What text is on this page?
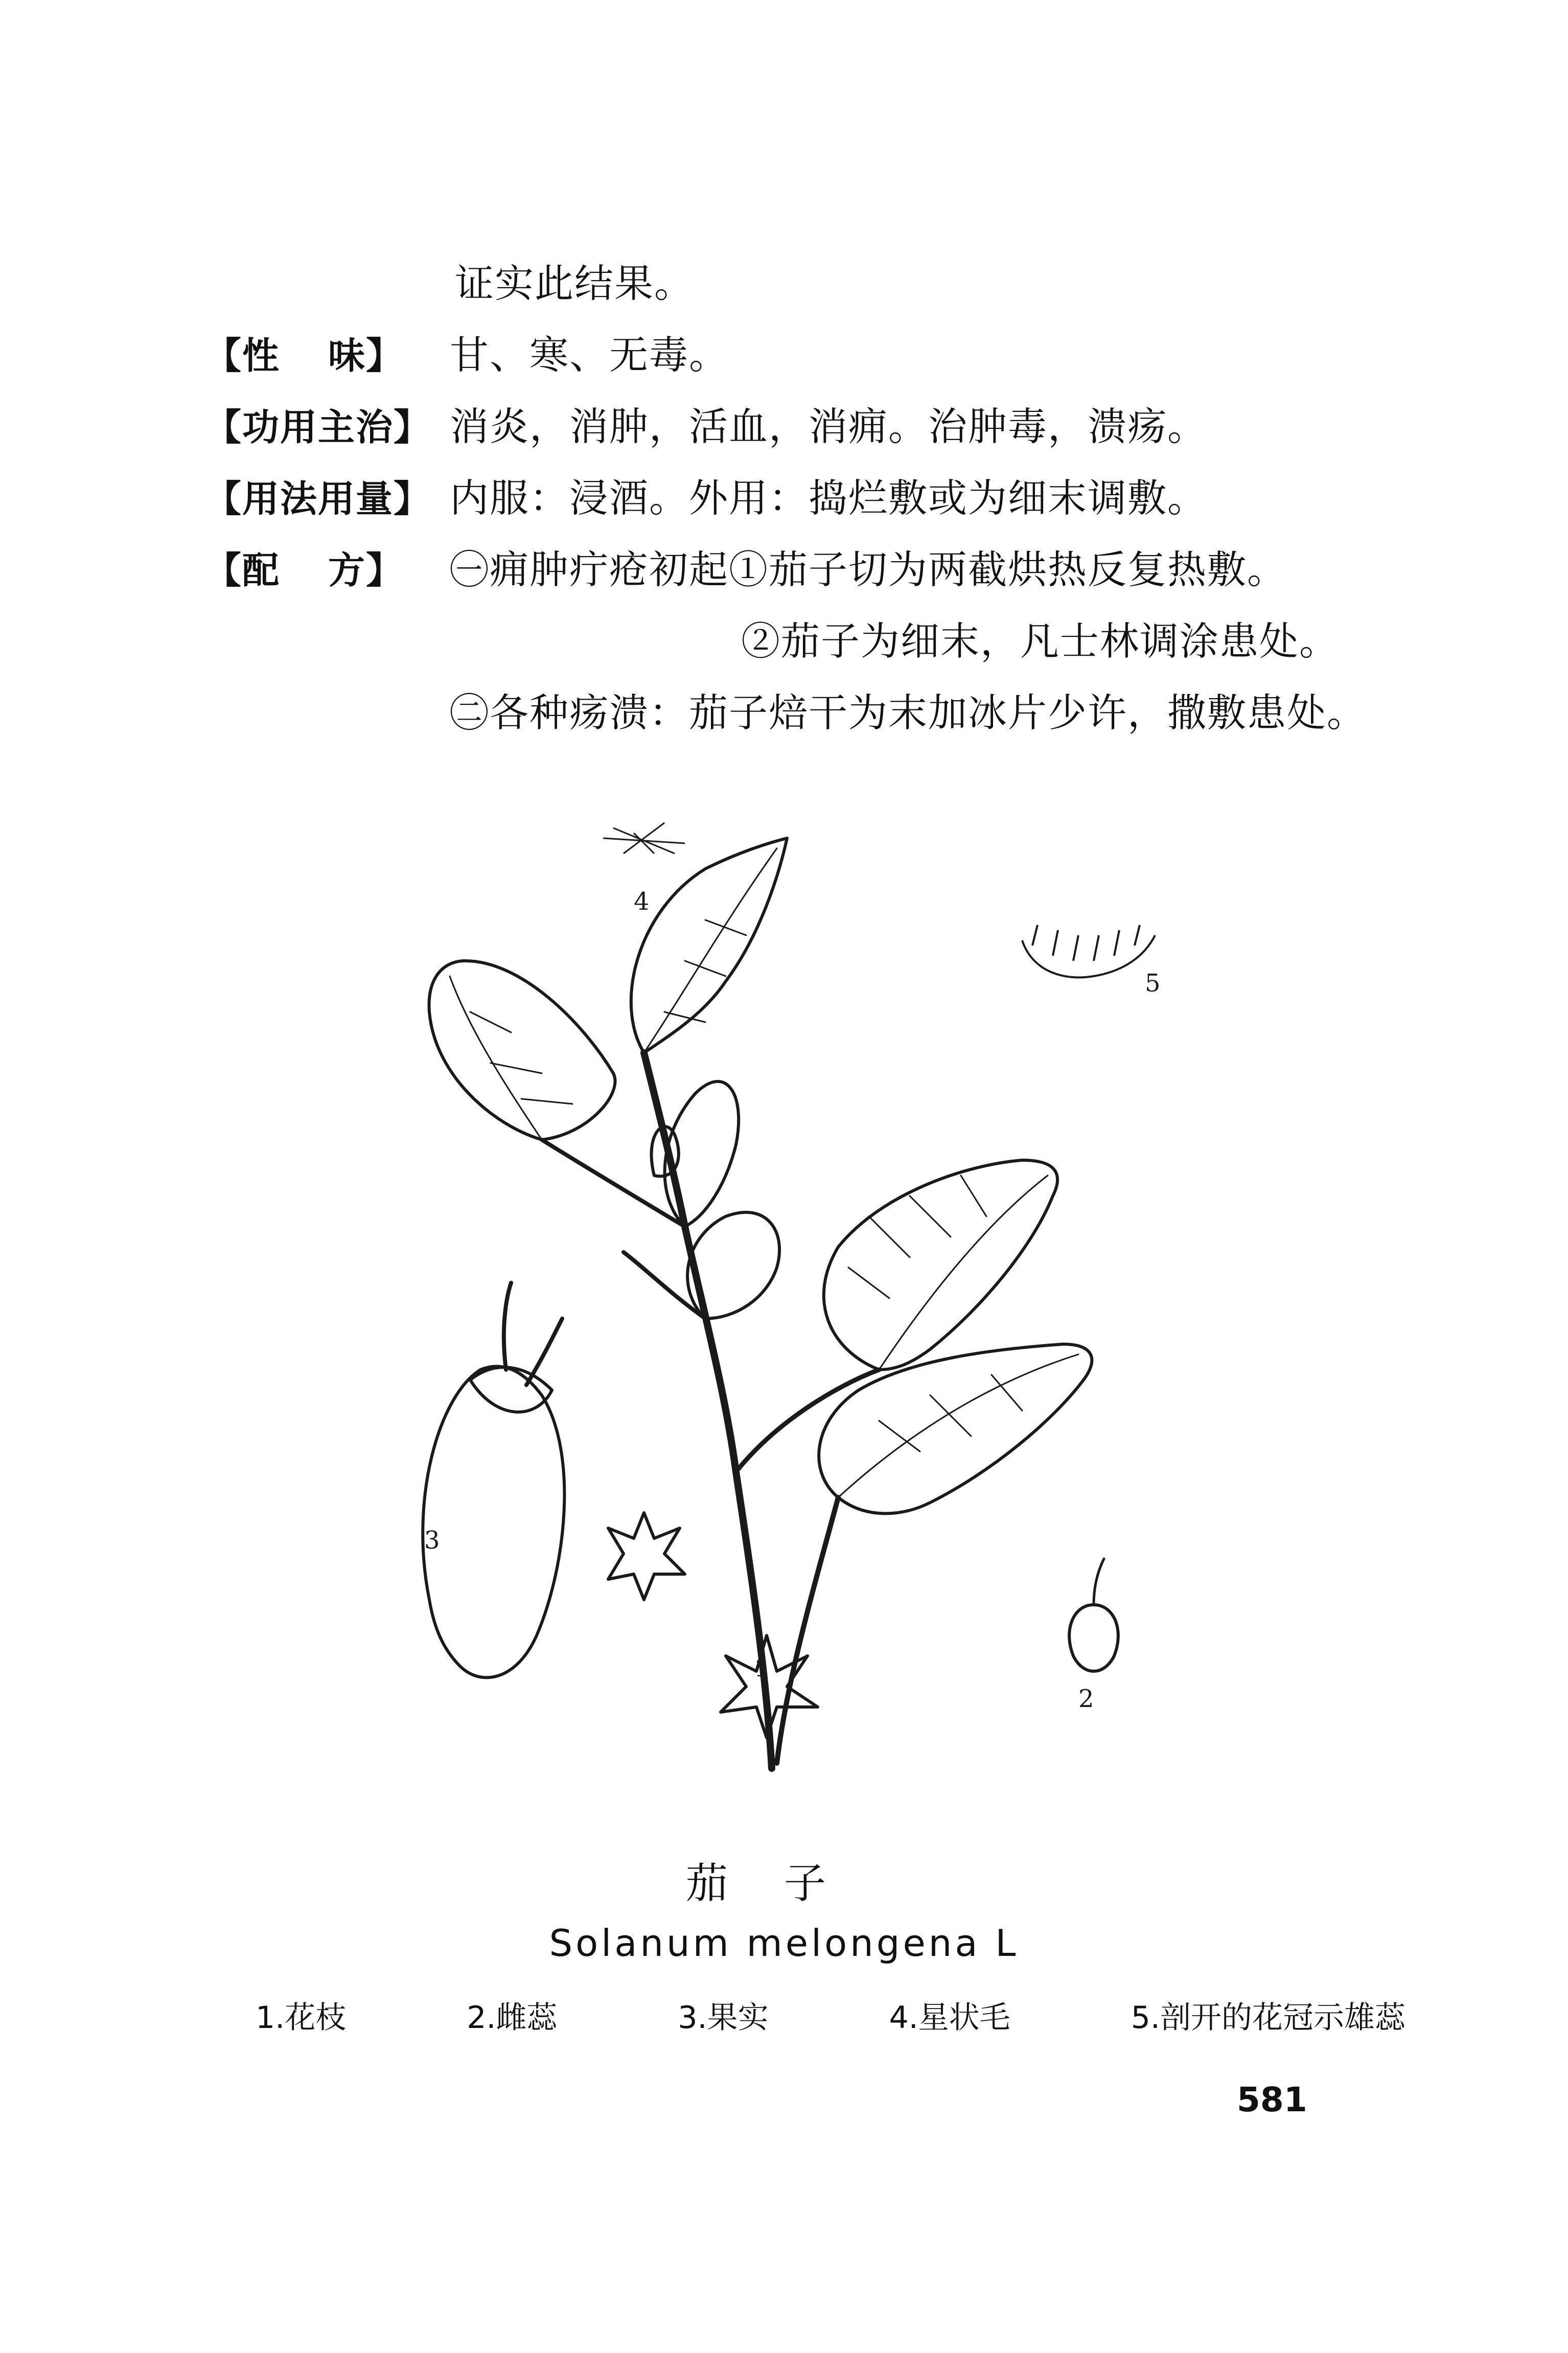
证实此结果。
【性 味】 甘、寒、无毒。
【功用主治】 消炎，消肿，活血，消痈。治肿毒，溃疡。
【用法用量】 内服：浸酒。外用：捣烂敷或为细末调敷。
【配 方】 ㊀痈肿疔疮初起①茄子切为两截烘热反复热敷。
②茄子为细末，凡士林调涂患处。
㊁各种疡溃：茄子焙干为末加冰片少许，撒敷患处。
1
2
3
4
5
茄子
Solanum melongena L
1.花枝	2.雌蕊	3.果实	4.星状毛	5.剖开的花冠示雄蕊
581
